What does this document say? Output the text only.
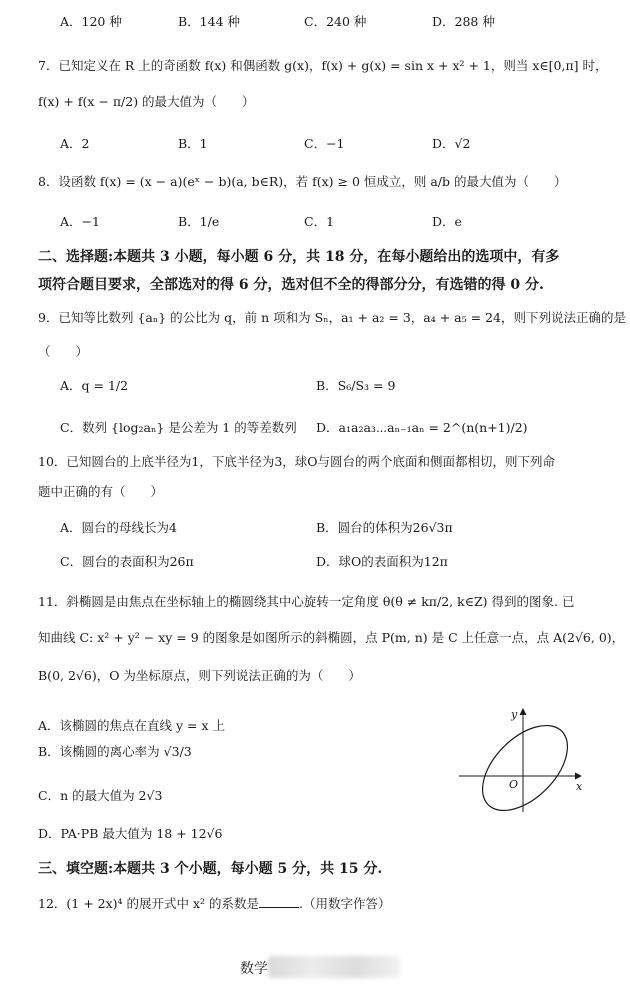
A．120 种	B．144 种	C．240 种	D．288 种
7．已知定义在 R 上的奇函数 f(x) 和偶函数 g(x)，f(x) + g(x) = sin x + x² + 1，则当 x∈[0,π] 时，
f(x) + f(x − π/2) 的最大值为（　　）
A．2	B．1	C．−1	D．√2
8．设函数 f(x) = (x − a)(eˣ − b)(a, b∈R)，若 f(x) ≥ 0 恒成立，则 a/b 的最大值为（　　）
A．−1	B．1/e	C．1	D．e
二、选择题:本题共 3 小题，每小题 6 分，共 18 分，在每小题给出的选项中，有多
项符合题目要求，全部选对的得 6 分，选对但不全的得部分分，有选错的得 0 分.
9．已知等比数列 {aₙ} 的公比为 q，前 n 项和为 Sₙ，a₁ + a₂ = 3，a₄ + a₅ = 24，则下列说法正确的是
（　　）
A．q = 1/2	B．S₆/S₃ = 9
C．数列 {log₂aₙ} 是公差为 1 的等差数列 D．a₁a₂a₃⋯aₙ₋₁aₙ = 2^(n(n+1)/2)
10．已知圆台的上底半径为1，下底半径为3，球O与圆台的两个底面和侧面都相切，则下列命
题中正确的有（　　）
A．圆台的母线长为4	B．圆台的体积为26√3π
C．圆台的表面积为26π	D．球O的表面积为12π
11．斜椭圆是由焦点在坐标轴上的椭圆绕其中心旋转一定角度 θ(θ ≠ kπ/2, k∈Z) 得到的图象. 已
知曲线 C: x² + y² − xy = 9 的图象是如图所示的斜椭圆，点 P(m, n) 是 C 上任意一点，点 A(2√6, 0)，
B(0, 2√6)，O 为坐标原点，则下列说法正确的为（　　）
A．该椭圆的焦点在直线 y = x 上
B．该椭圆的离心率为 √3/3
C．n 的最大值为 2√3
D．PA·PB 最大值为 18 + 12√6
x
y
O
三、填空题:本题共 3 个小题，每小题 5 分，共 15 分.
12．(1 + 2x)⁴ 的展开式中 x² 的系数是	.（用数字作答）
数学
